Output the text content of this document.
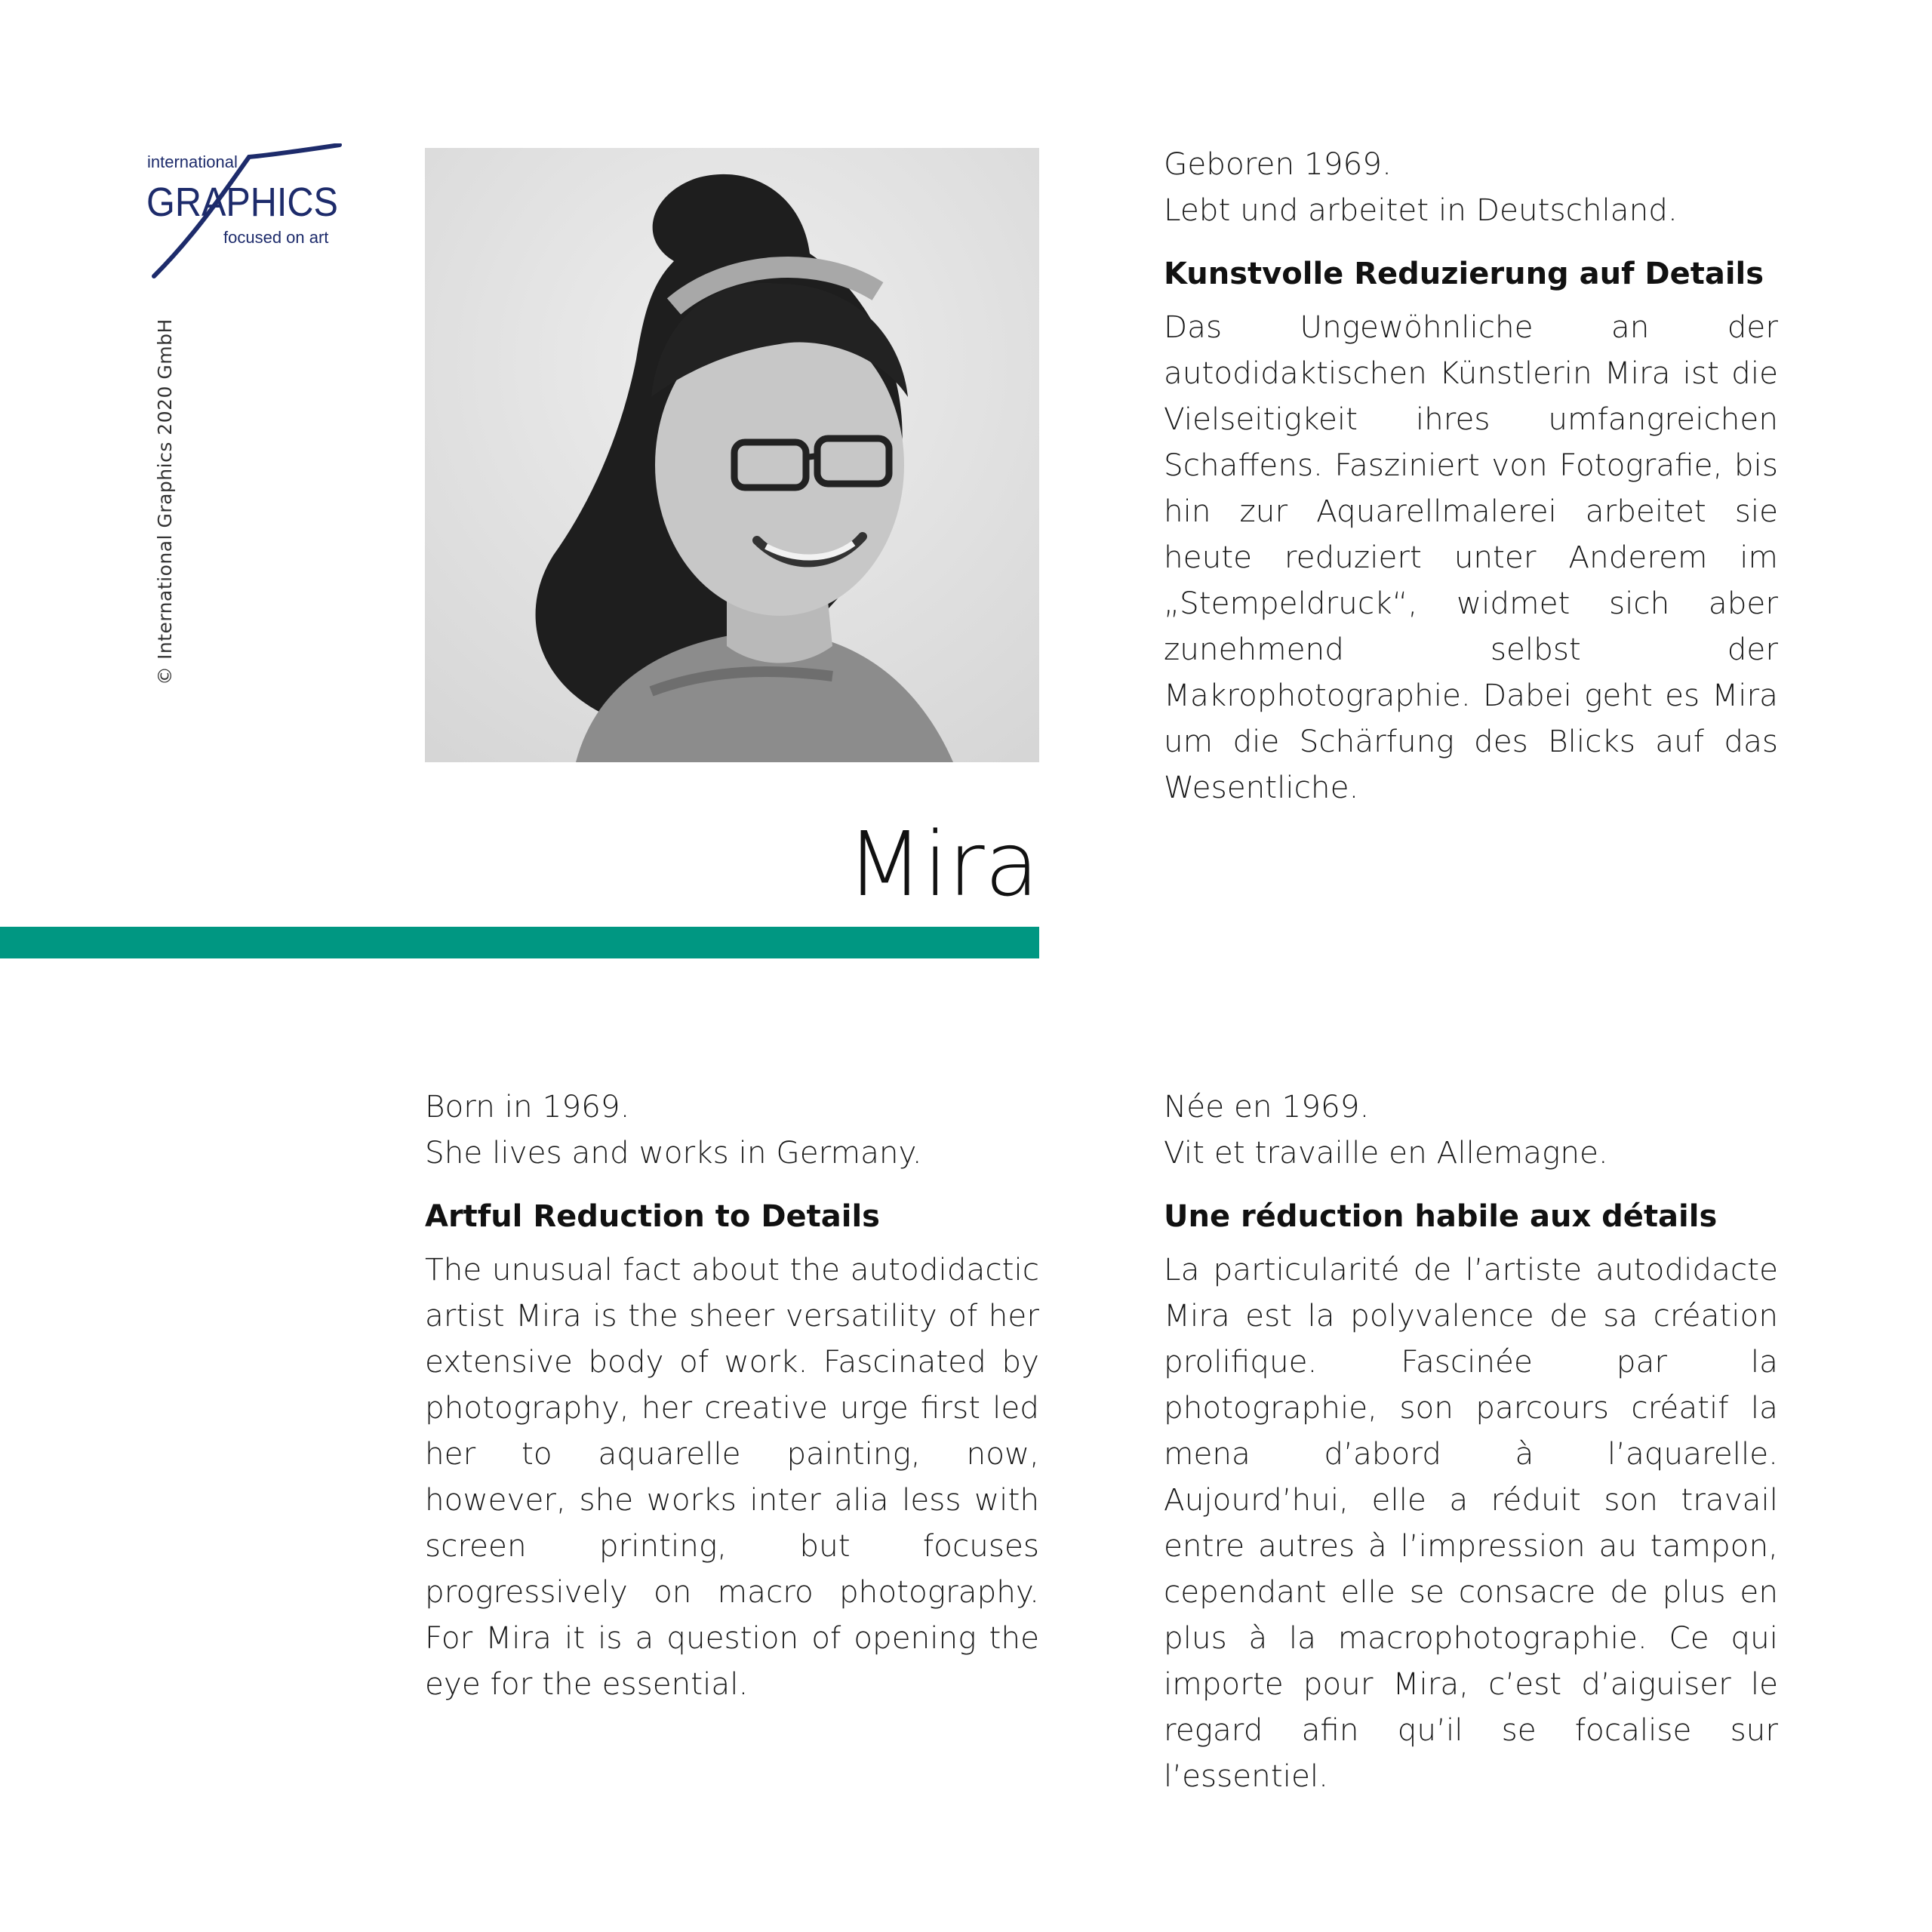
international
GRAPHICS
focused on art
© International Graphics 2020 GmbH
Mira

Geboren 1969.
Lebt und arbeitet in Deutschland.

Kunstvolle Reduzierung auf Details

Das Ungewöhnliche an der autodidaktischen Künstlerin Mira ist die Vielseitigkeit ihres umfangreichen Schaffens. Fasziniert von Fotografie, bis hin zur Aquarellmalerei arbeitet sie heute reduziert unter Anderem im „Stempeldruck“, widmet sich aber zunehmend selbst der Makrophotographie. Dabei geht es Mira um die Schärfung des Blicks auf das Wesentliche.

Born in 1969.
She lives and works in Germany.

Artful Reduction to Details

The unusual fact about the autodidactic artist Mira is the sheer versatility of her extensive body of work. Fascinated by photography, her creative urge first led her to aquarelle painting, now, however, she works inter alia less with screen printing, but focuses progressively on macro photography. For Mira it is a question of opening the eye for the essential.

Née en 1969.
Vit et travaille en Allemagne.

Une réduction habile aux détails

La particularité de l’artiste autodidacte Mira est la polyvalence de sa création prolifique. Fascinée par la photographie, son parcours créatif la mena d’abord à l’aquarelle. Aujourd’hui, elle a réduit son travail entre autres à l’impression au tampon, cependant elle se consacre de plus en plus à la macrophotographie. Ce qui importe pour Mira, c’est d’aiguiser le regard afin qu’il se focalise sur l’essentiel.
